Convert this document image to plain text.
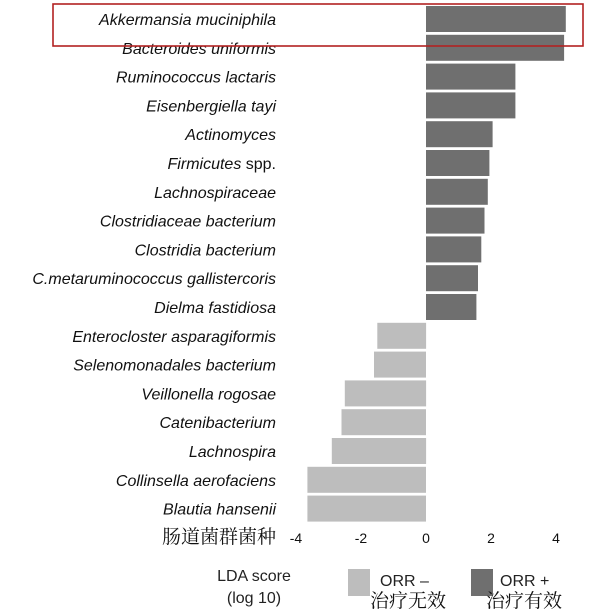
Akkermansia muciniphila
Bacteroides uniformis
Ruminococcus lactaris
Eisenbergiella tayi
Actinomyces
Firmicutes spp.
Lachnospiraceae
Clostridiaceae bacterium
Clostridia bacterium
C.metaruminococcus gallistercoris
Dielma fastidiosa
Enterocloster asparagiformis
Selenomonadales bacterium
Veillonella rogosae
Catenibacterium
Lachnospira
Collinsella aerofaciens
Blautia hansenii
-4	-2	0	2	4
肠道菌群菌种
LDA score
(log 10)
ORR –
治疗无效
ORR +
治疗有效
